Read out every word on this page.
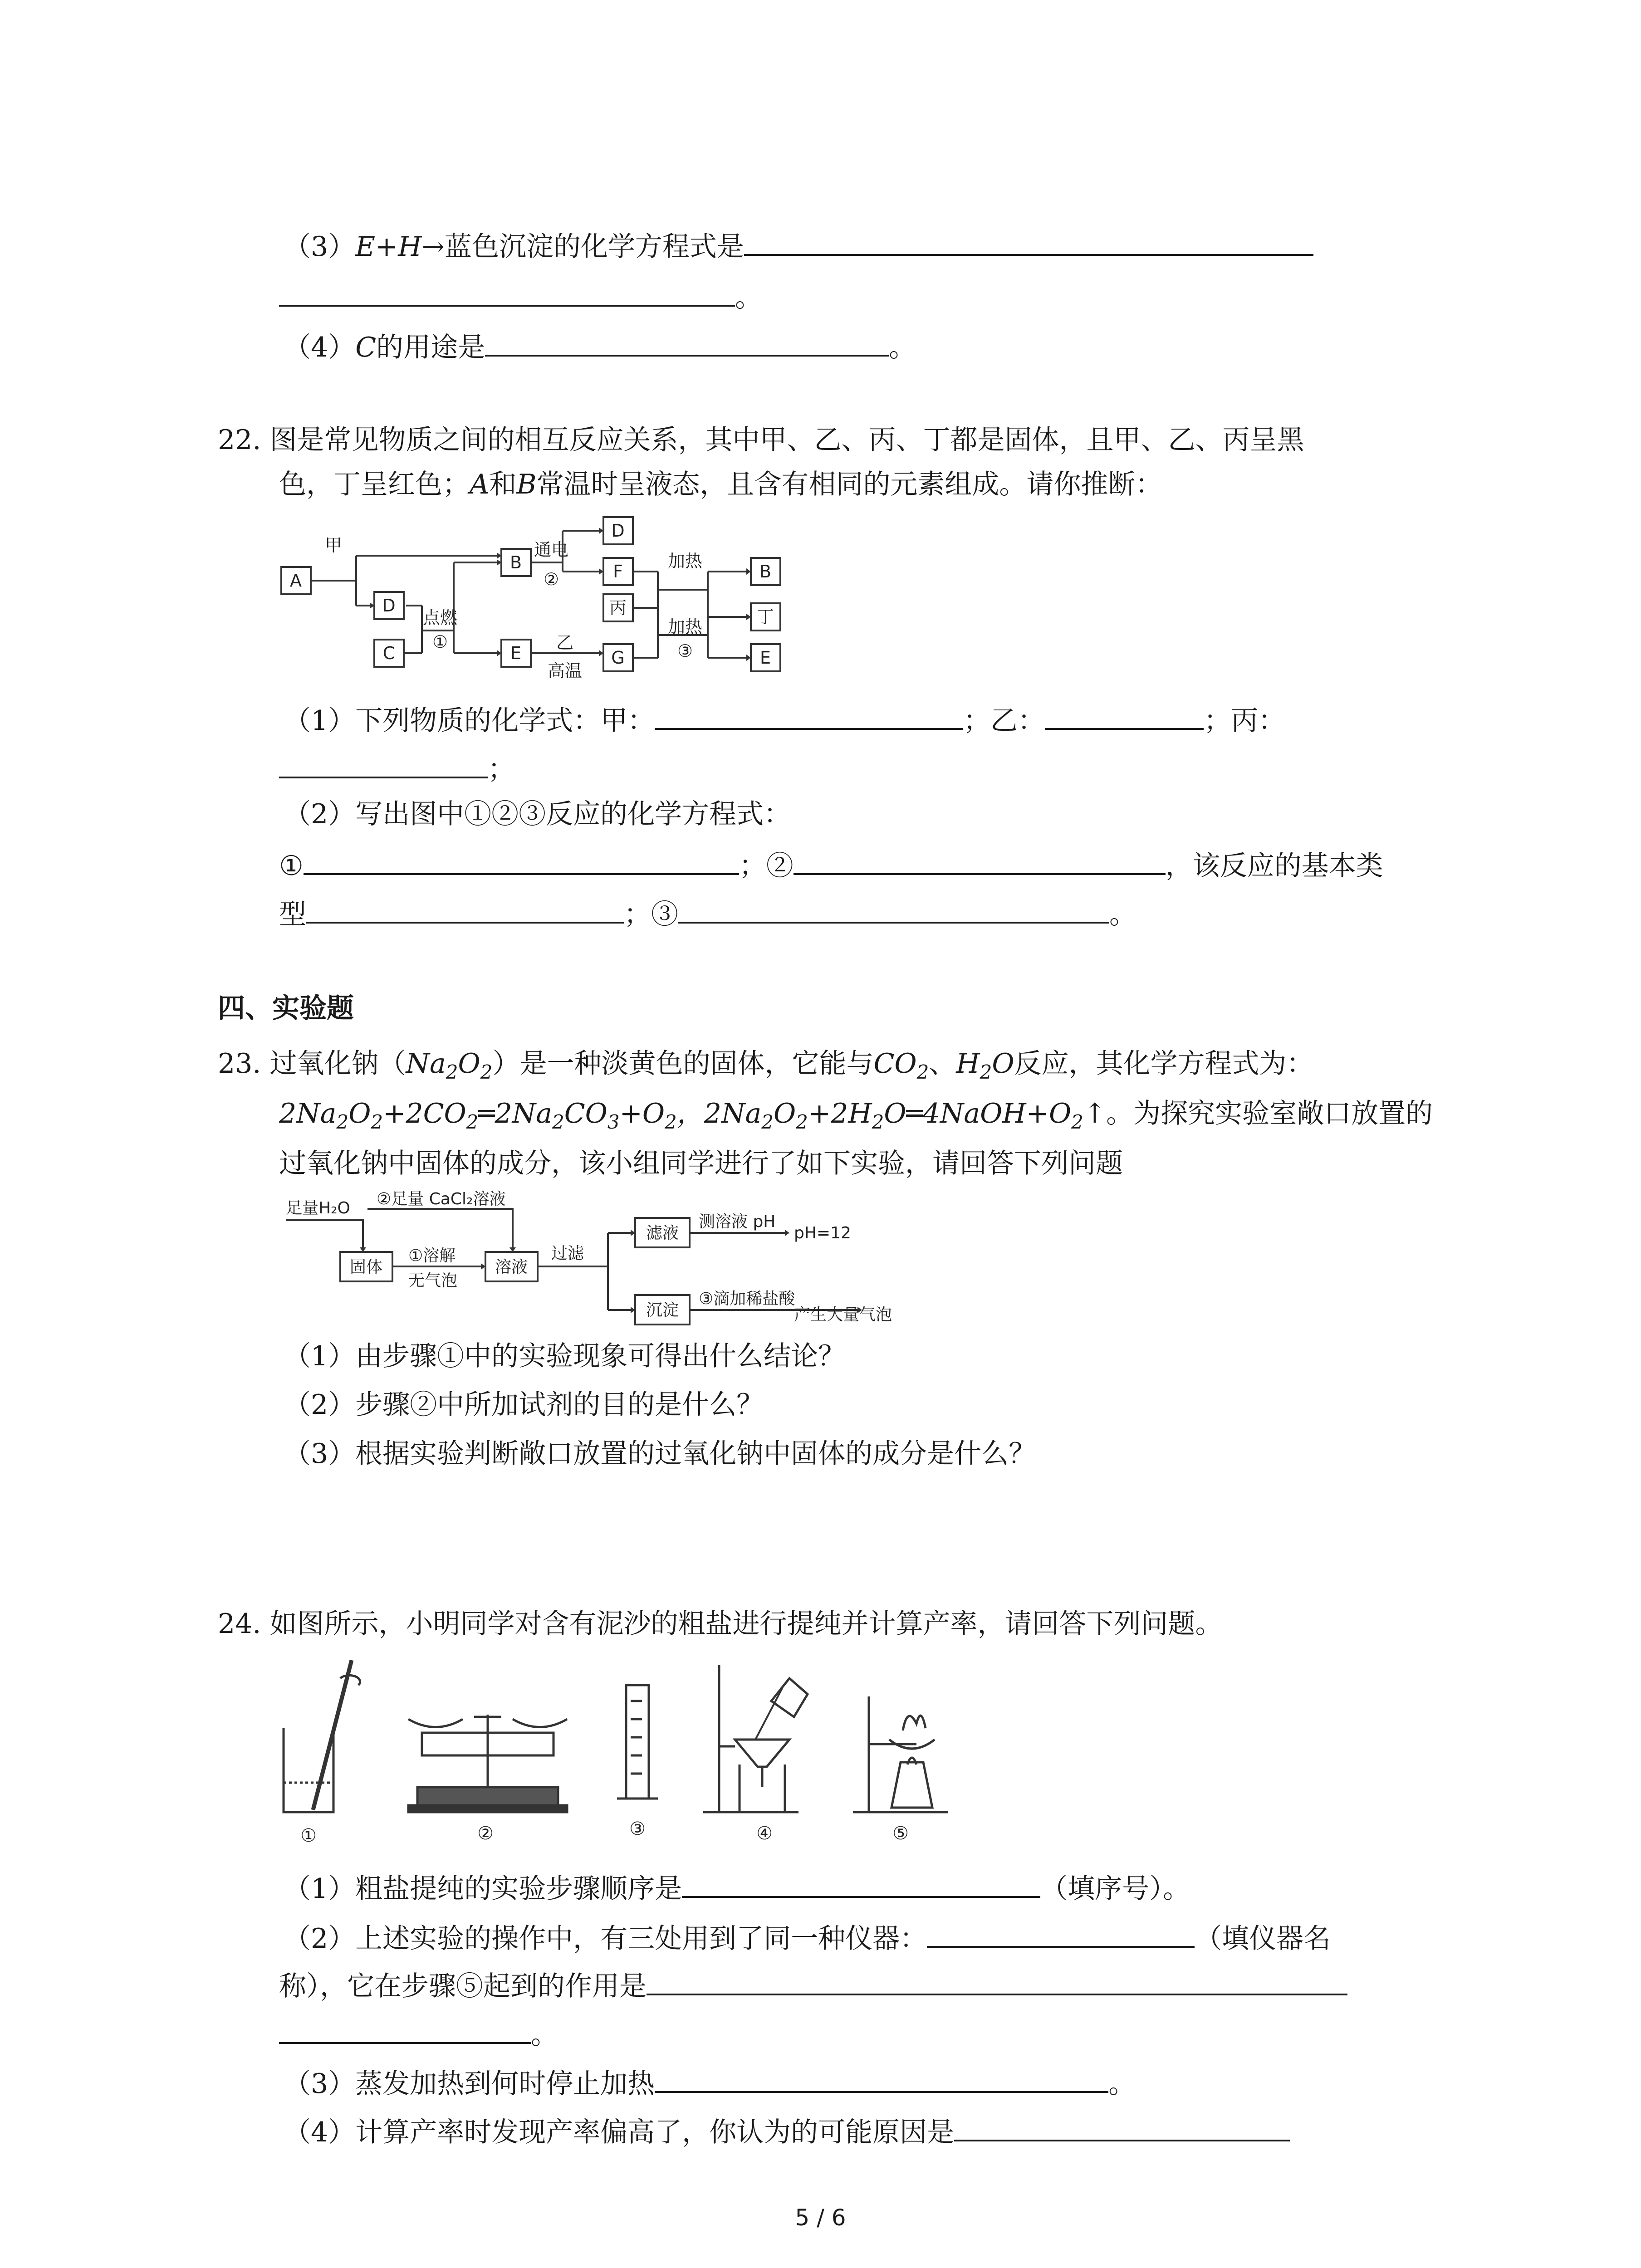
（3）E+H→蓝色沉淀的化学方程式是
。
（4）C的用途是	。
22. 图是常见物质之间的相互反应关系，其中甲、乙、丙、丁都是固体，且甲、乙、丙呈黑
色，丁呈红色；A和B常温时呈液态，且含有相同的元素组成。请你推断：
A
甲
B
通电
②
D
F
加热
B
D
点燃
①
丙	丁
C	E
乙
高温
G
加热
③	E
（1）下列物质的化学式：甲：	；乙：	；丙：
；
（2）写出图中①②③反应的化学方程式：
①	；②	，该反应的基本类
型	；③	。
四、实验题
23. 过氧化钠$(Na_2O_2)$是一种淡黄色的固体，它能与$CO_2$、$H_2O$反应，其化学方程式为：
$2Na_2O_2+2CO_2═2Na_2CO_3+O_2$，$2Na_2O_2+2H_2O═4NaOH+O_2↑$。为探究实验室敞口放置的
过氧化钠中固体的成分，该小组同学进行了如下实验，请回答下列问题
足量H₂O ②足量 CaCl₂溶液
固体
①溶解
无气泡
溶液
过滤
滤液
测溶液 pH
pH=12
沉淀
③滴加稀盐酸
产生大量气泡
（1）由步骤①中的实验现象可得出什么结论？
（2）步骤②中所加试剂的目的是什么？
（3）根据实验判断敞口放置的过氧化钠中固体的成分是什么？
24. 如图所示，小明同学对含有泥沙的粗盐进行提纯并计算产率，请回答下列问题。
①	②	③	④	⑤
（1）粗盐提纯的实验步骤顺序是	（填序号）。
（2）上述实验的操作中，有三处用到了同一种仪器：	（填仪器名
称），它在步骤⑤起到的作用是
。
（3）蒸发加热到何时停止加热	。
（4）计算产率时发现产率偏高了，你认为的可能原因是
5 / 6
